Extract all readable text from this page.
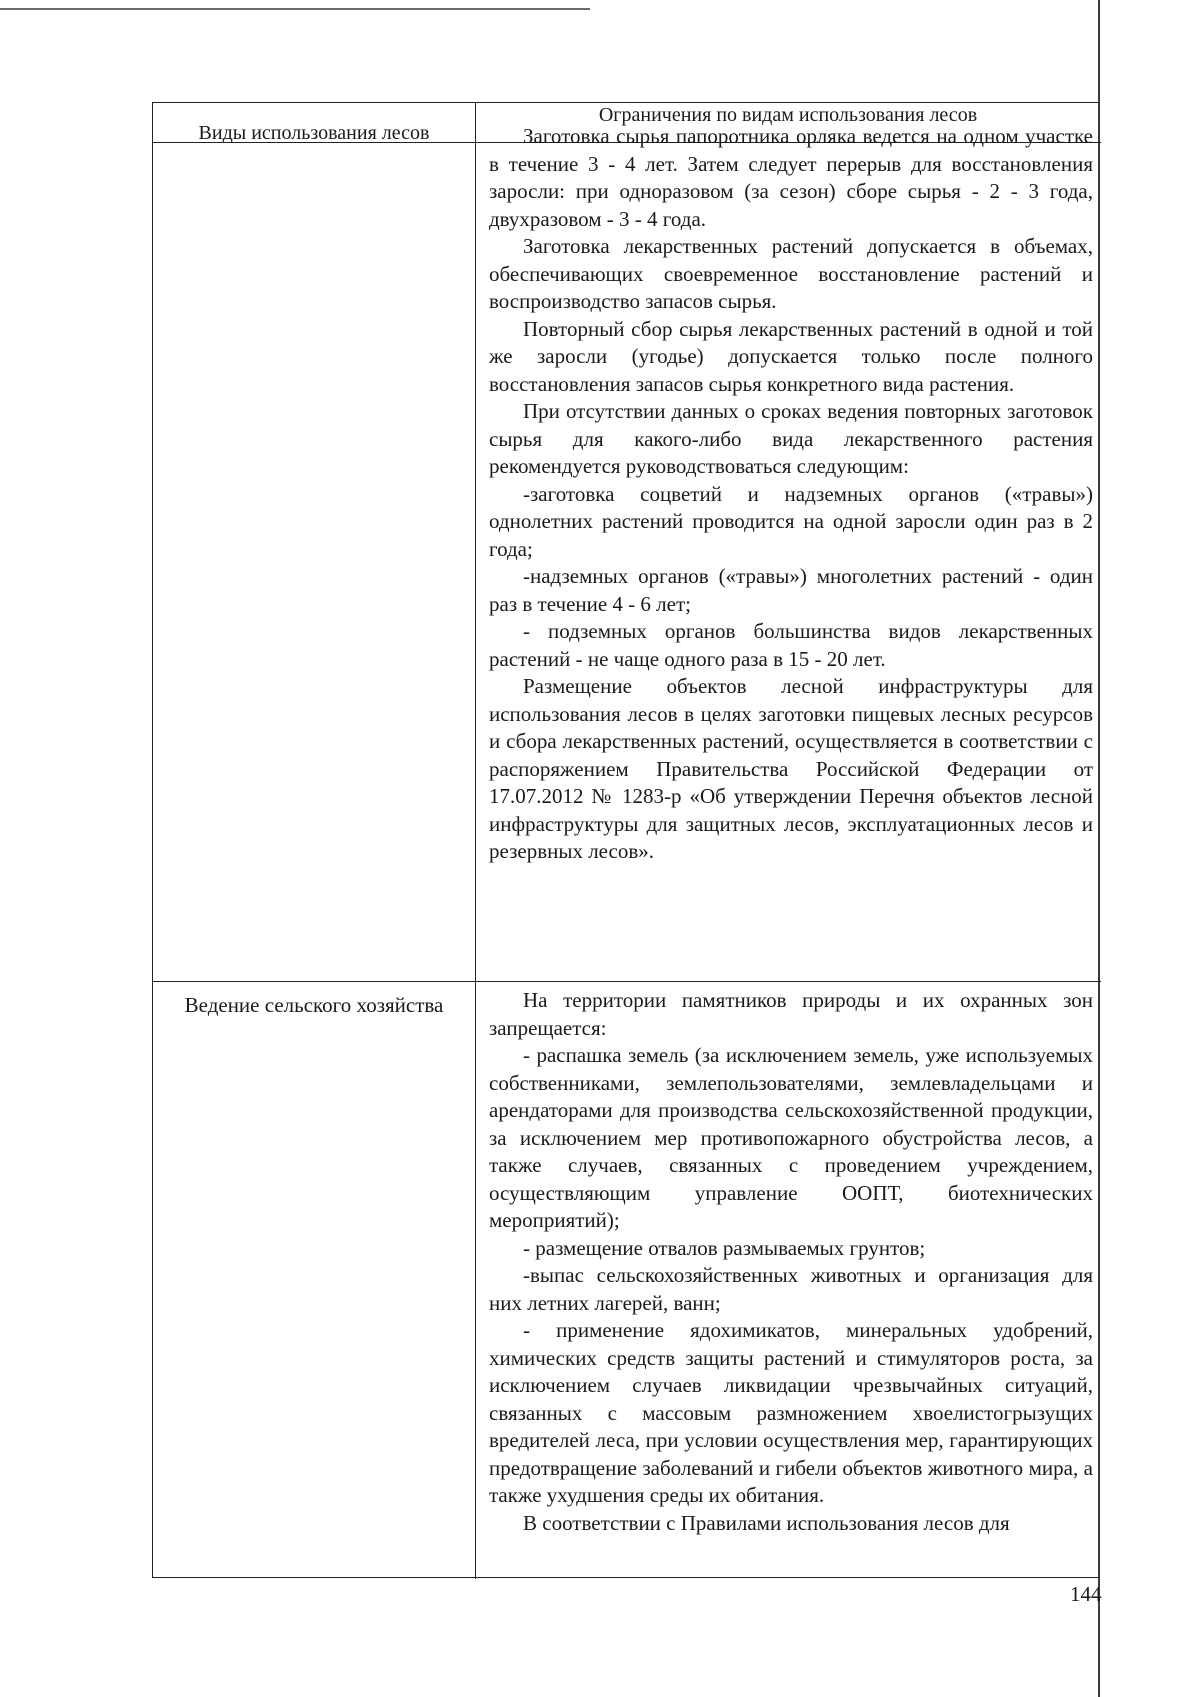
Виды использования лесов
Ограничения по видам использования лесов

Заготовка сырья папоротника орляка ведется на одном участке в течение 3 - 4 лет. Затем следует перерыв для восстановления заросли: при одноразовом (за сезон) сборе сырья - 2 - 3 года, двухразовом - 3 - 4 года.

Заготовка лекарственных растений допускается в объемах, обеспечивающих своевременное восстановление растений и воспроизводство запасов сырья.

Повторный сбор сырья лекарственных растений в одной и той же заросли (угодье) допускается только после полного восстановления запасов сырья конкретного вида растения.

При отсутствии данных о сроках ведения повторных заготовок сырья для какого-либо вида лекарственного растения рекомендуется руководствоваться следующим:

-заготовка соцветий и надземных органов («травы») однолетних растений проводится на одной заросли один раз в 2 года;

-надземных органов («травы») многолетних растений - один раз в течение 4 - 6 лет;

- подземных органов большинства видов лекарственных растений - не чаще одного раза в 15 - 20 лет.

Размещение объектов лесной инфраструктуры для использования лесов в целях заготовки пищевых лесных ресурсов и сбора лекарственных растений, осуществляется в соответствии с распоряжением Правительства Российской Федерации от 17.07.2012 № 1283-р «Об утверждении Перечня объектов лесной инфраструктуры для защитных лесов, эксплуатационных лесов и резервных лесов».

Ведение сельского хозяйства	На территории памятников природы и их охранных зон запрещается:

- распашка земель (за исключением земель, уже используемых собственниками, землепользователями, землевладельцами и арендаторами для производства сельскохозяйственной продукции, за исключением мер противопожарного обустройства лесов, а также случаев, связанных с проведением учреждением, осуществляющим управление ООПТ, биотехнических мероприятий);

- размещение отвалов размываемых грунтов;

-выпас сельскохозяйственных животных и организация для них летних лагерей, ванн;

- применение ядохимикатов, минеральных удобрений, химических средств защиты растений и стимуляторов роста, за исключением случаев ликвидации чрезвычайных ситуаций, связанных с массовым размножением хвоелистогрызущих вредителей леса, при условии осуществления мер, гарантирующих предотвращение заболеваний и гибели объектов животного мира, а также ухудшения среды их обитания.

В соответствии с Правилами использования лесов для

144
